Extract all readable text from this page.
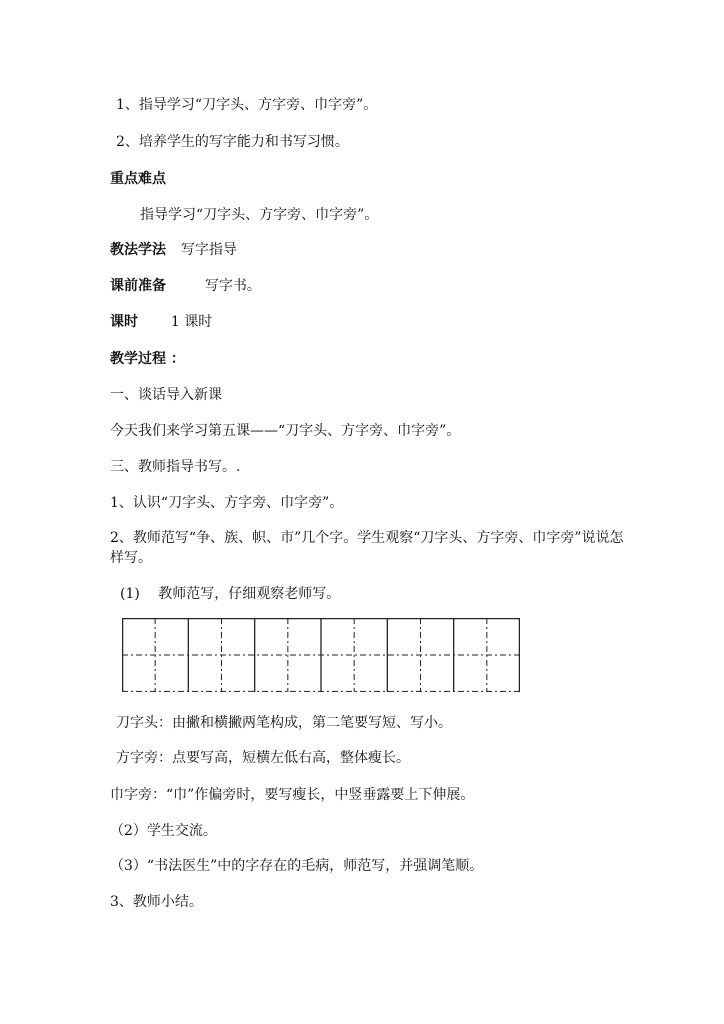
1、指导学习“刀字头、方字旁、巾字旁”。
2、培养学生的写字能力和书写习惯。
重点难点
指导学习“刀字头、方字旁、巾字旁”。
教法学法 写字指导
课前准备	写字书。
课时 1 课时
教学过程 ：
一、谈话导入新课
今天我们来学习第五课——“刀字头、方字旁、巾字旁”。
三、教师指导书写。.
1、认识“刀字头、方字旁、巾字旁”。
2、教师范写“争、族、帜、市”几个字。学生观察“刀字头、方字旁、巾字旁”说说怎样写。
(1)　 教师范写，仔细观察老师写。
刀字头：由撇和横撇两笔构成，第二笔要写短、写小。
方字旁：点要写高，短横左低右高，整体瘦长。
巾字旁：“巾”作偏旁时，要写瘦长，中竖垂露要上下伸展。
（2）学生交流。
（3）“书法医生”中的字存在的毛病，师范写，并强调笔顺。
3、教师小结。
